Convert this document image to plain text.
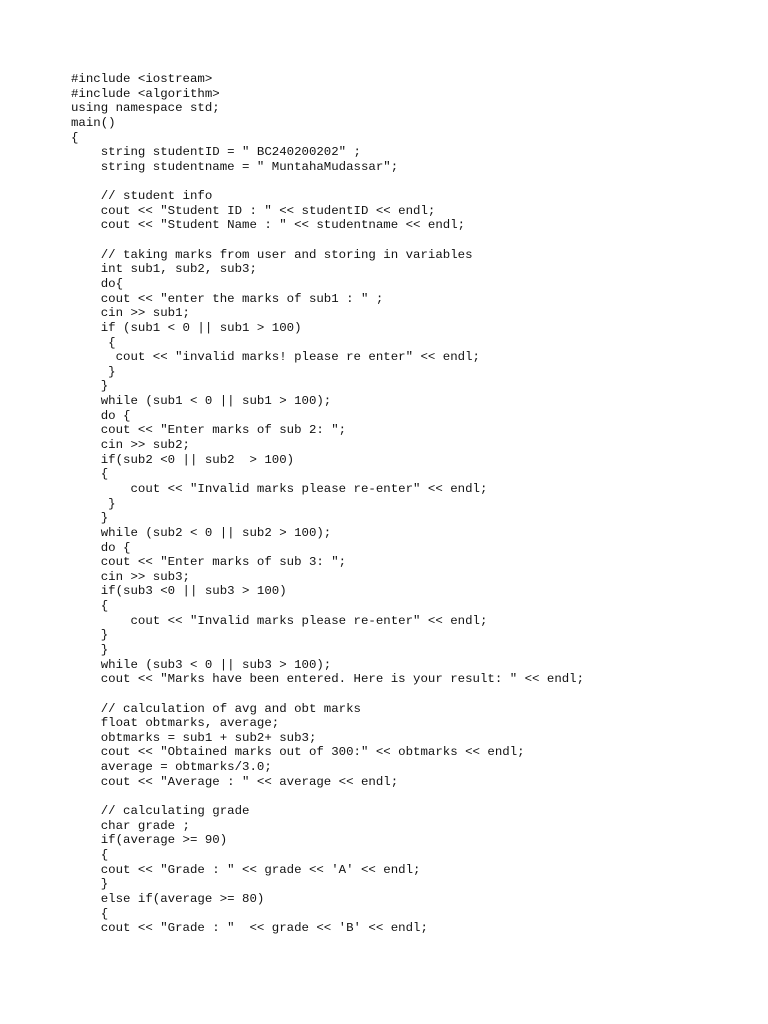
#include <iostream>
#include <algorithm>
using namespace std;
main()
{
string studentID = " BC240200202" ;
string studentname = " MuntahaMudassar";
// student info
cout << "Student ID : " << studentID << endl;
cout << "Student Name : " << studentname << endl;
// taking marks from user and storing in variables
int sub1, sub2, sub3;
do{
cout << "enter the marks of sub1 : " ;
cin >> sub1;
if (sub1 < 0 || sub1 > 100)
{
cout << "invalid marks! please re enter" << endl;
}
}
while (sub1 < 0 || sub1 > 100);
do {
cout << "Enter marks of sub 2: ";
cin >> sub2;
if(sub2 <0 || sub2  > 100)
{
cout << "Invalid marks please re-enter" << endl;
}
}
while (sub2 < 0 || sub2 > 100);
do {
cout << "Enter marks of sub 3: ";
cin >> sub3;
if(sub3 <0 || sub3 > 100)
{
cout << "Invalid marks please re-enter" << endl;
}
}
while (sub3 < 0 || sub3 > 100);
cout << "Marks have been entered. Here is your result: " << endl;
// calculation of avg and obt marks
float obtmarks, average;
obtmarks = sub1 + sub2+ sub3;
cout << "Obtained marks out of 300:" << obtmarks << endl;
average = obtmarks/3.0;
cout << "Average : " << average << endl;
// calculating grade
char grade ;
if(average >= 90)
{
cout << "Grade : " << grade << 'A' << endl;
}
else if(average >= 80)
{
cout << "Grade : "  << grade << 'B' << endl;
